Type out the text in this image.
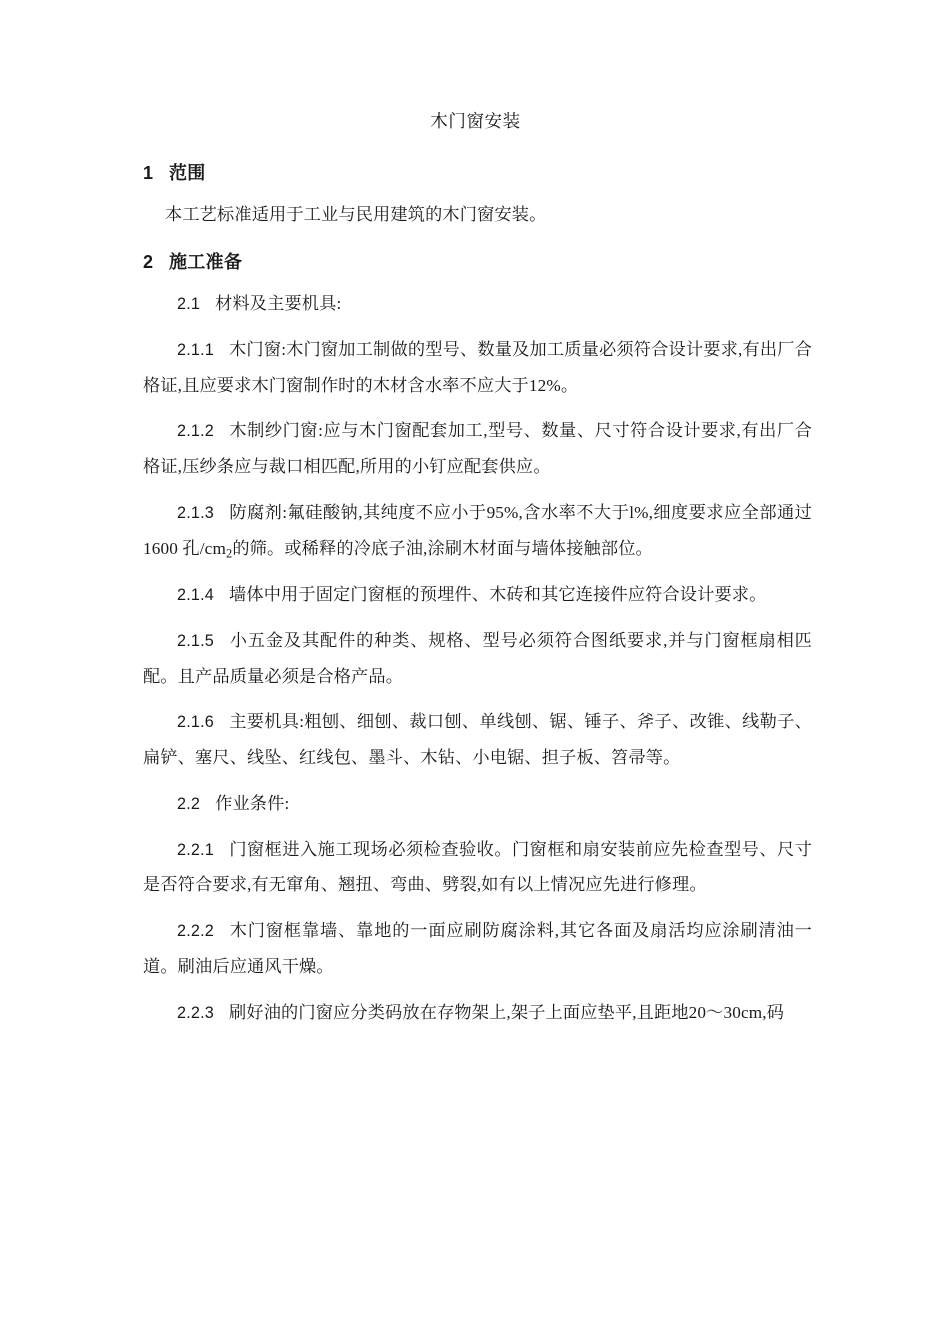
木门窗安装
1 范围

本工艺标准适用于工业与民用建筑的木门窗安装。

2 施工准备

2.1 材料及主要机具:

2.1.1 木门窗:木门窗加工制做的型号、数量及加工质量必须符合设计要求,有出厂合格证,且应要求木门窗制作时的木材含水率不应大于12%。

2.1.2 木制纱门窗:应与木门窗配套加工,型号、数量、尺寸符合设计要求,有出厂合格证,压纱条应与裁口相匹配,所用的小钉应配套供应。

2.1.3 防腐剂:氟硅酸钠,其纯度不应小于95%,含水率不大于l%,细度要求应全部通过 1600 孔$/cm_2$的筛。或稀释的冷底子油,涂刷木材面与墙体接触部位。

2.1.4 墙体中用于固定门窗框的预埋件、木砖和其它连接件应符合设计要求。

2.1.5 小五金及其配件的种类、规格、型号必须符合图纸要求,并与门窗框扇相匹配。且产品质量必须是合格产品。

2.1.6 主要机具:粗刨、细刨、裁口刨、单线刨、锯、锤子、斧子、改锥、线勒子、扁铲、塞尺、线坠、红线包、墨斗、木钻、小电锯、担子板、笤帚等。

2.2 作业条件:

2.2.1 门窗框进入施工现场必须检查验收。门窗框和扇安装前应先检查型号、尺寸是否符合要求,有无窜角、翘扭、弯曲、劈裂,如有以上情况应先进行修理。

2.2.2 木门窗框靠墙、靠地的一面应刷防腐涂料,其它各面及扇活均应涂刷清油一道。刷油后应通风干燥。

2.2.3 刷好油的门窗应分类码放在存物架上,架子上面应垫平,且距地20〜30cm,码
